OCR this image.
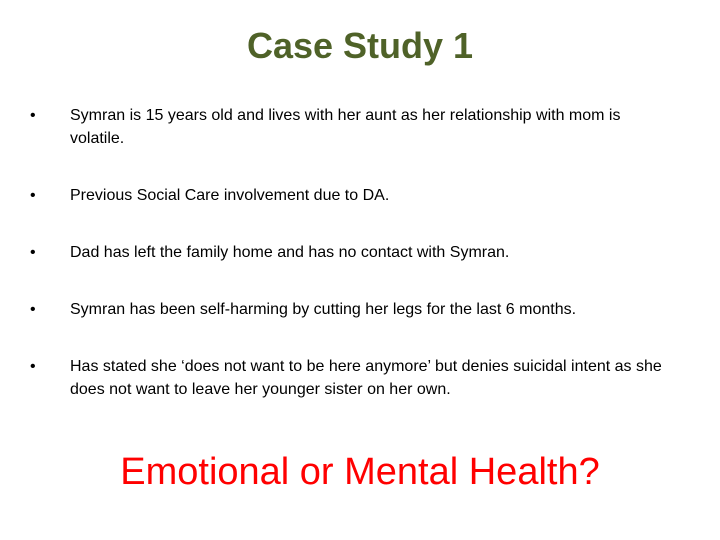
Case Study 1
•	Symran is 15 years old and lives with her aunt as her relationship with mom is volatile.
•	Previous Social Care involvement due to DA.
•	Dad has left the family home and has no contact with Symran.
•	Symran has been self-harming by cutting her legs for the last 6 months.
•	Has stated she ‘does not want to be here anymore’ but denies suicidal intent as she does not want to leave her younger sister on her own.
Emotional or Mental Health?
